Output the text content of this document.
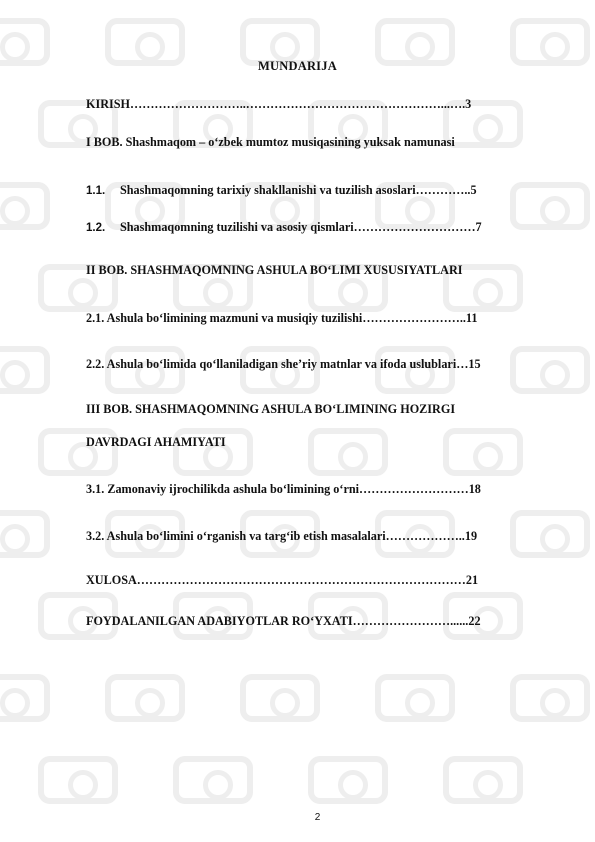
MUNDARIJA
KIRISH………………………..…………………………………………...….3
I BOB. Shashmaqom – o‘zbek mumtoz musiqasining yuksak namunasi
1.1. Shashmaqomning tarixiy shakllanishi va tuzilish asoslari…………..5
1.2. Shashmaqomning tuzilishi va asosiy qismlari…………………………7
II BOB. SHASHMAQOMNING ASHULA BO‘LIMI XUSUSIYATLARI
2.1. Ashula bo‘limining mazmuni va musiqiy tuzilishi……………………..11
2.2. Ashula bo‘limida qo‘llaniladigan she’riy matnlar va ifoda uslublari…15
III BOB. SHASHMAQOMNING ASHULA BO‘LIMINING HOZIRGI
DAVRDAGI AHAMIYATI
3.1. Zamonaviy ijrochilikda ashula bo‘limining o‘rni………………………18
3.2. Ashula bo‘limini o‘rganish va targ‘ib etish masalalari………………..19
XULOSA………………………………………………………………………21
FOYDALANILGAN ADABIYOTLAR RO‘YXATI……………………......22
2
